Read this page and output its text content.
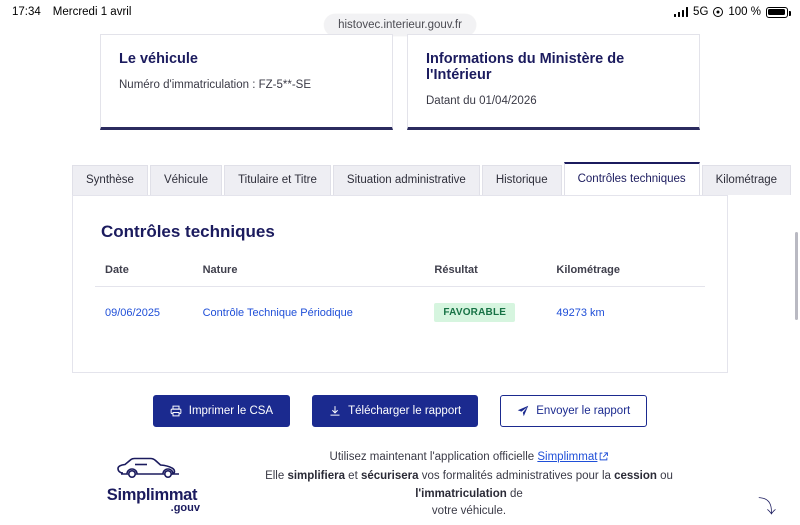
17:34 Mercredi 1 avril	5G 100 %
histovec.interieur.gouv.fr
Le véhicule

Numéro d'immatriculation : FZ-5**-SE

Informations du Ministère de l'Intérieur

Datant du 01/04/2026

Synthèse	Véhicule	Titulaire et Titre	Situation administrative	Historique	Contrôles techniques	Kilométrage
Contrôles techniques
Date	Nature	Résultat	Kilométrage
09/06/2025	Contrôle Technique Périodique	FAVORABLE	49273 km
Imprimer le CSA	Télécharger le rapport	Envoyer le rapport
Simplimmat
.gouv
Utilisez maintenant l'application officielle Simplimmat
Elle simplifiera et sécurisera vos formalités administratives pour la cession ou l'immatriculation de
votre véhicule.	⤵
